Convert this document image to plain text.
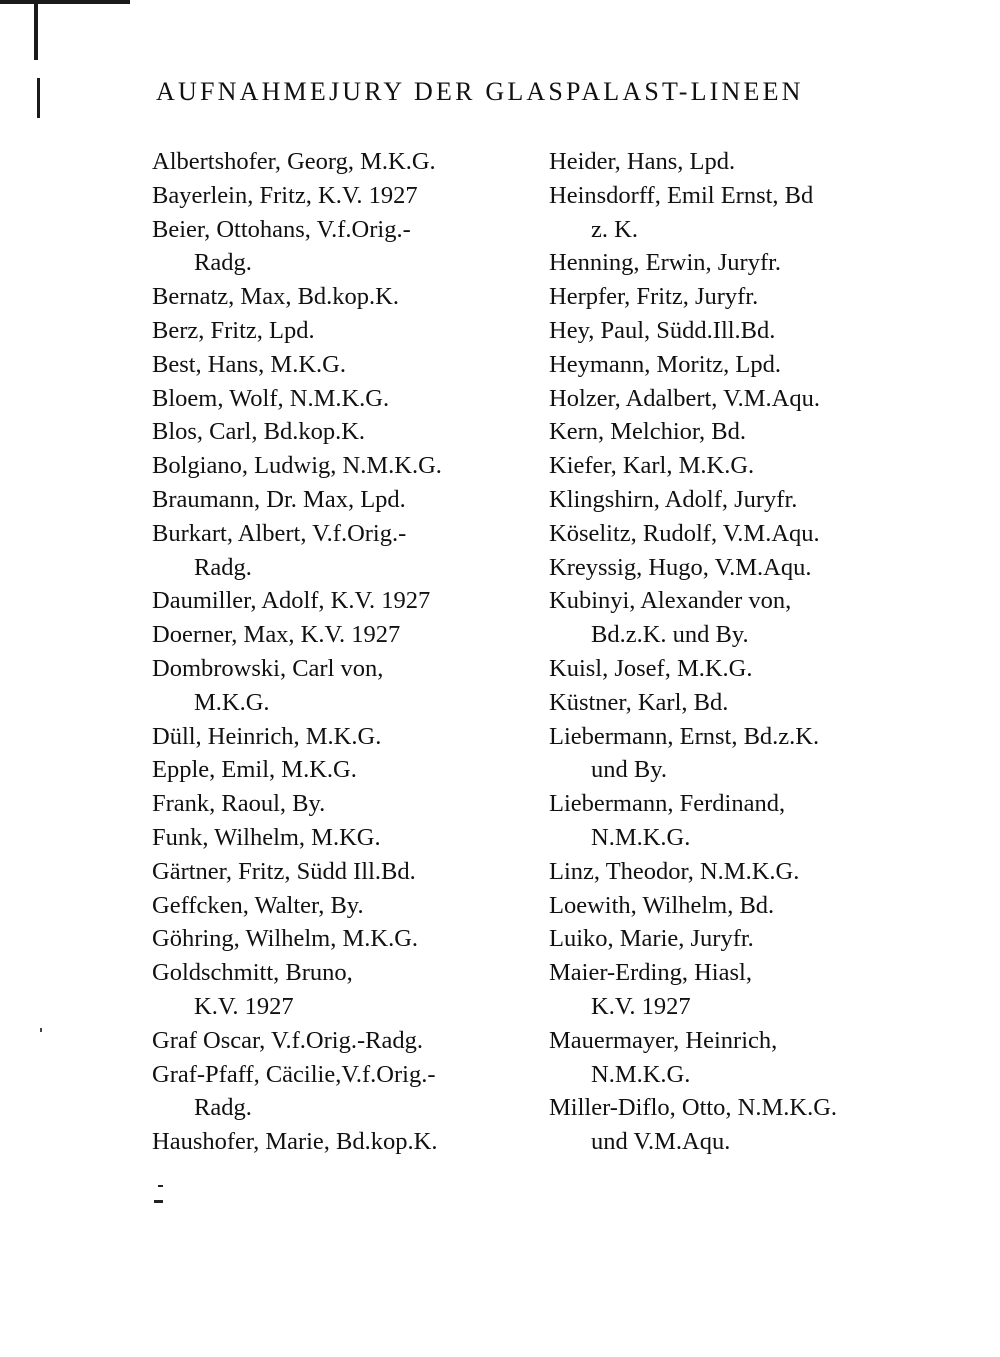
AUFNAHMEJURY DER GLASPALAST-LINEEN
Albertshofer, Georg, M.K.G.
Bayerlein, Fritz, K.V. 1927
Beier, Ottohans, V.f.Orig.-
Radg.
Bernatz, Max, Bd.kop.K.
Berz, Fritz, Lpd.
Best, Hans, M.K.G.
Bloem, Wolf, N.M.K.G.
Blos, Carl, Bd.kop.K.
Bolgiano, Ludwig, N.M.K.G.
Braumann, Dr. Max, Lpd.
Burkart, Albert, V.f.Orig.-
Radg.
Daumiller, Adolf, K.V. 1927
Doerner, Max, K.V. 1927
Dombrowski, Carl von,
M.K.G.
Düll, Heinrich, M.K.G.
Epple, Emil, M.K.G.
Frank, Raoul, By.
Funk, Wilhelm, M.KG.
Gärtner, Fritz, Südd Ill.Bd.
Geffcken, Walter, By.
Göhring, Wilhelm, M.K.G.
Goldschmitt, Bruno,
K.V. 1927
Graf Oscar, V.f.Orig.-Radg.
Graf-Pfaff, Cäcilie,V.f.Orig.-
Radg.
Haushofer, Marie, Bd.kop.K.
Heider, Hans, Lpd.
Heinsdorff, Emil Ernst, Bd
z. K.
Henning, Erwin, Juryfr.
Herpfer, Fritz, Juryfr.
Hey, Paul, Südd.Ill.Bd.
Heymann, Moritz, Lpd.
Holzer, Adalbert, V.M.Aqu.
Kern, Melchior, Bd.
Kiefer, Karl, M.K.G.
Klingshirn, Adolf, Juryfr.
Köselitz, Rudolf, V.M.Aqu.
Kreyssig, Hugo, V.M.Aqu.
Kubinyi, Alexander von,
Bd.z.K. und By.
Kuisl, Josef, M.K.G.
Küstner, Karl, Bd.
Liebermann, Ernst, Bd.z.K.
und By.
Liebermann, Ferdinand,
N.M.K.G.
Linz, Theodor, N.M.K.G.
Loewith, Wilhelm, Bd.
Luiko, Marie, Juryfr.
Maier-Erding, Hiasl,
K.V. 1927
Mauermayer, Heinrich,
N.M.K.G.
Miller-Diflo, Otto, N.M.K.G.
und V.M.Aqu.
